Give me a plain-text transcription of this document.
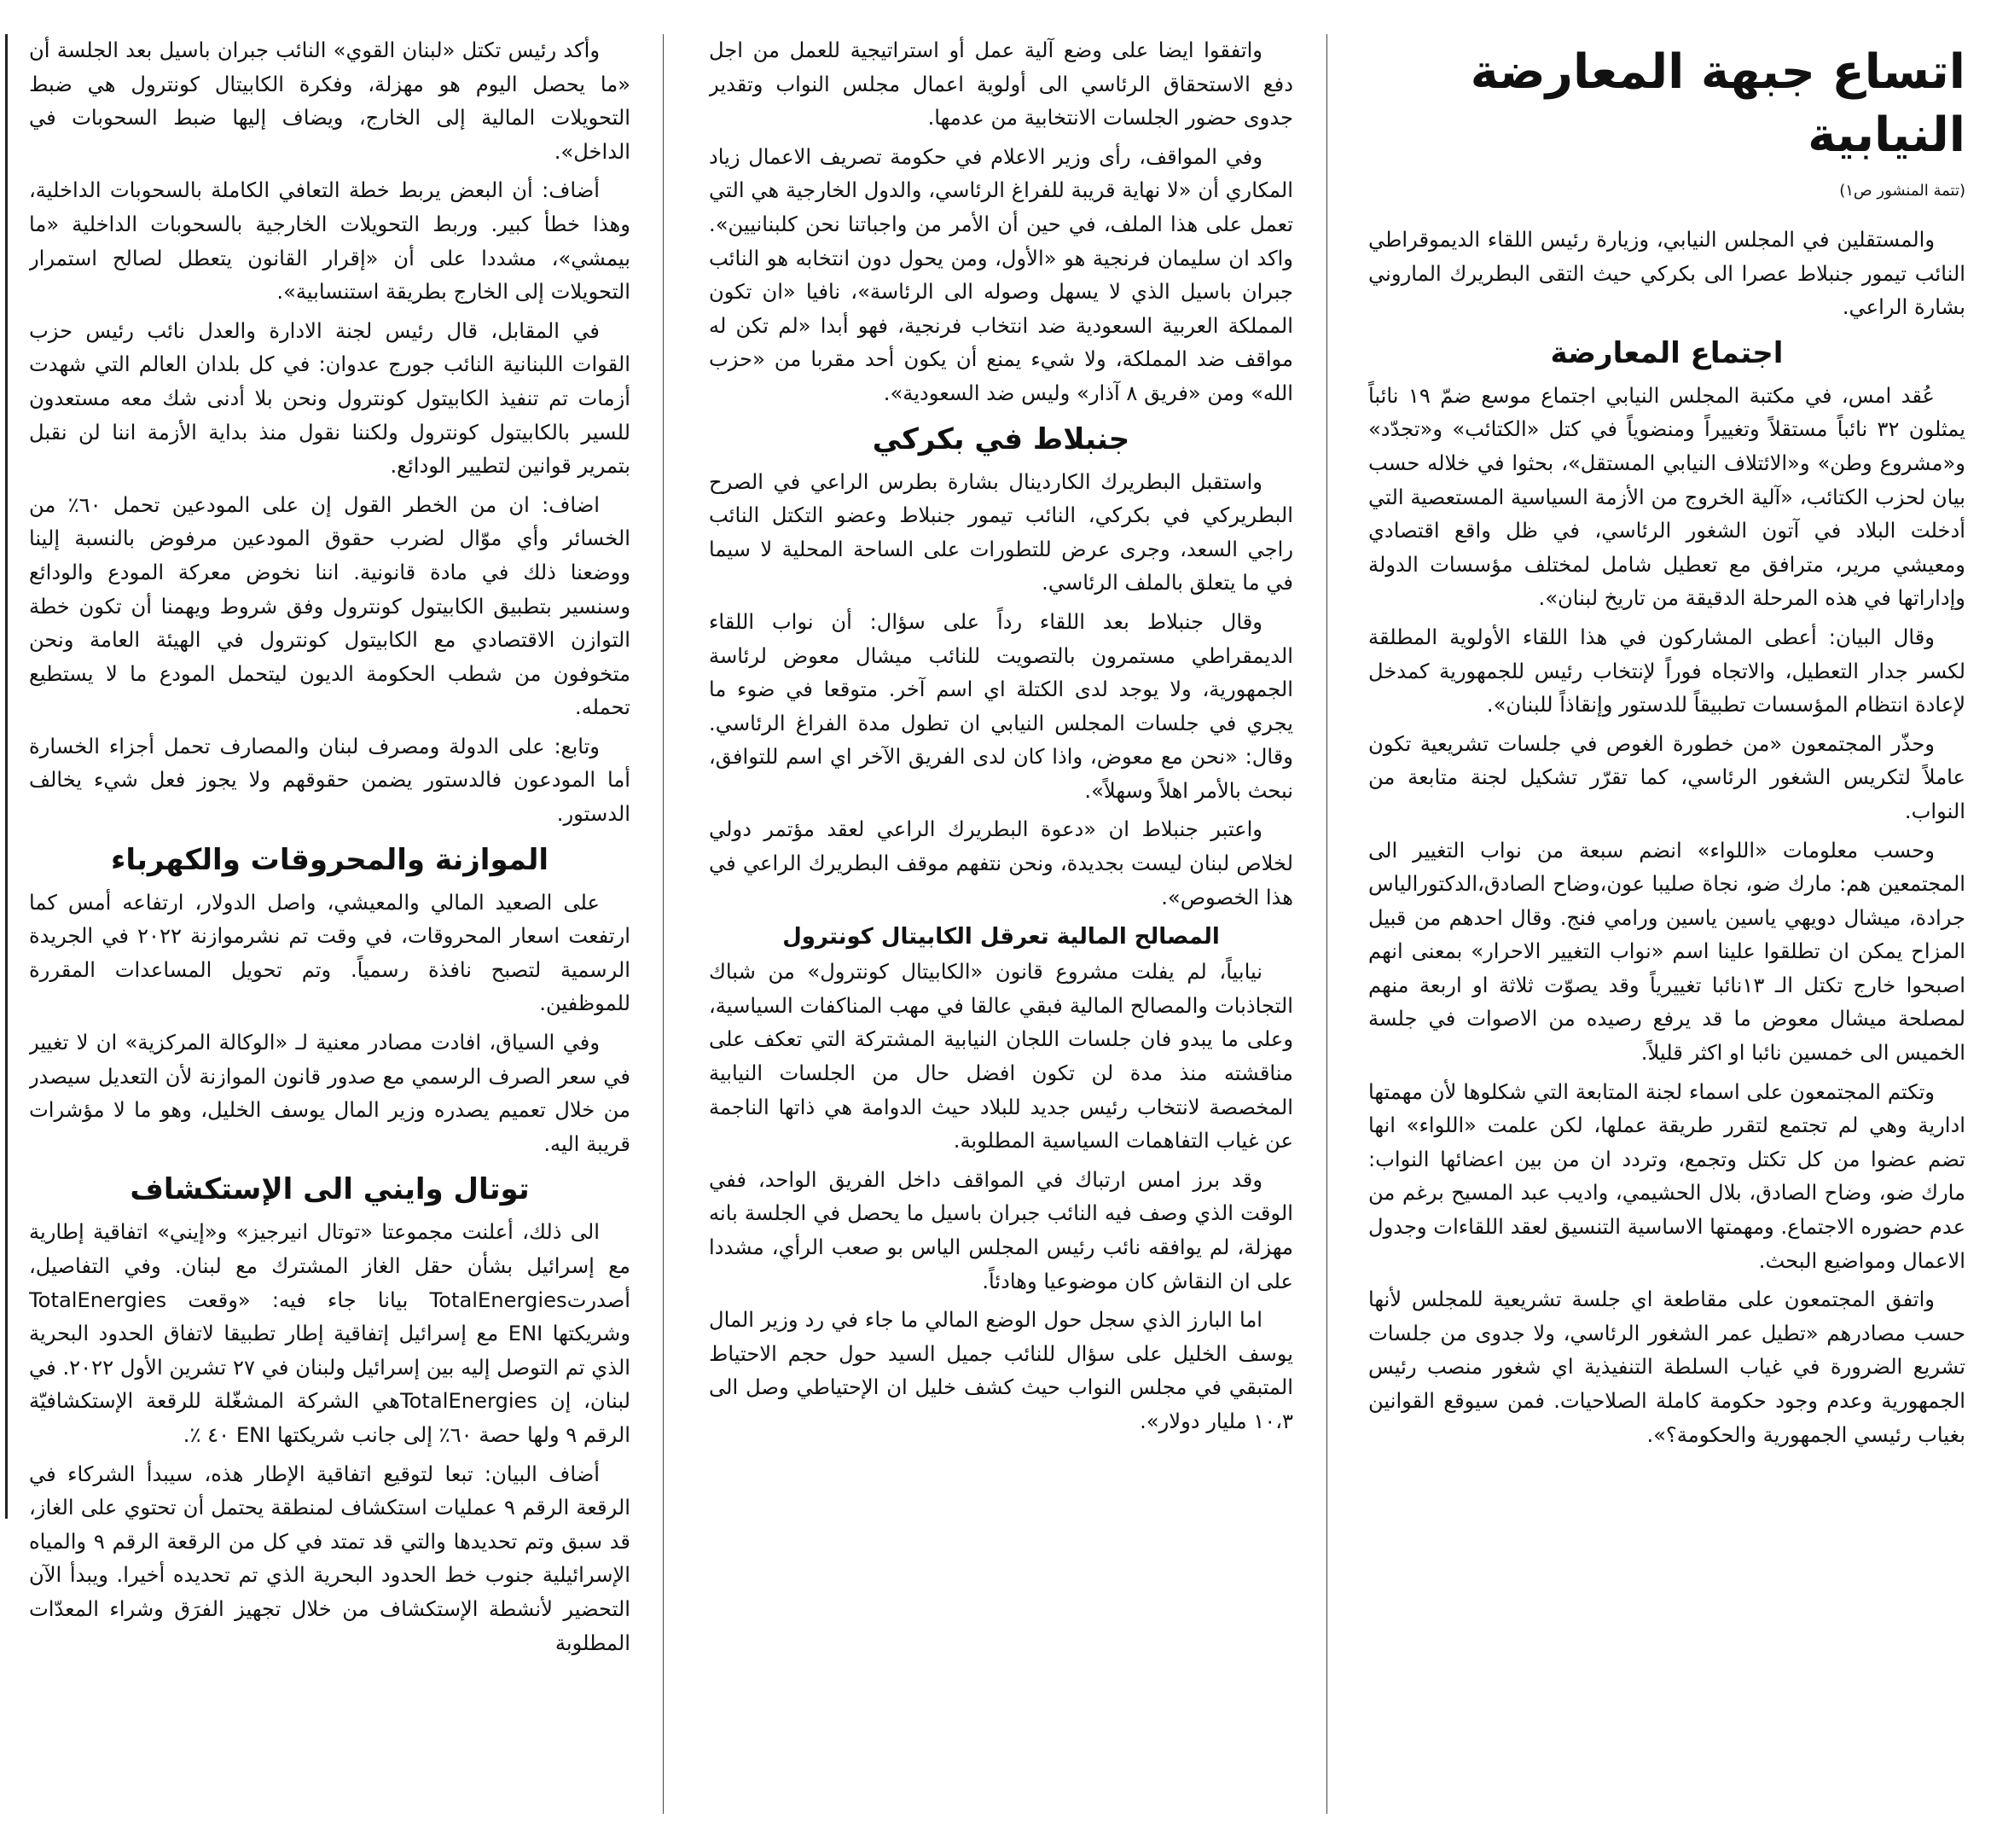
اتساع جبهة المعارضة النيابية
(تتمة المنشور ص١)

والمستقلين في المجلس النيابي، وزيارة رئيس اللقاء الديموقراطي النائب تيمور جنبلاط عصرا الى بكركي حيث التقى البطريرك الماروني بشارة الراعي.

اجتماع المعارضة

عُقد امس، في مكتبة المجلس النيابي اجتماع موسع ضمّ ١٩ نائباً يمثلون ٣٢ نائباً مستقلاً وتغييراً ومنضوياً في كتل «الكتائب» و«تجدّد» و«مشروع وطن» و«الائتلاف النيابي المستقل»، بحثوا في خلاله حسب بيان لحزب الكتائب، «آلية الخروج من الأزمة السياسية المستعصية التي أدخلت البلاد في آتون الشغور الرئاسي، في ظل واقع اقتصادي ومعيشي مرير، مترافق مع تعطيل شامل لمختلف مؤسسات الدولة وإداراتها في هذه المرحلة الدقيقة من تاريخ لبنان».

وقال البيان: أعطى المشاركون في هذا اللقاء الأولوية المطلقة لكسر جدار التعطيل، والاتجاه فوراً لإنتخاب رئيس للجمهورية كمدخل لإعادة انتظام المؤسسات تطبيقاً للدستور وإنقاذاً للبنان».

وحذّر المجتمعون «من خطورة الغوص في جلسات تشريعية تكون عاملاً لتكريس الشغور الرئاسي، كما تقرّر تشكيل لجنة متابعة من النواب.

وحسب معلومات «اللواء» انضم سبعة من نواب التغيير الى المجتمعين هم: مارك ضو، نجاة صليبا عون،وضاح الصادق،الدكتورالياس جرادة، ميشال دويهي ياسين ياسين ورامي فنج. وقال احدهم من قبيل المزاح يمكن ان تطلقوا علينا اسم «نواب التغيير الاحرار» بمعنى انهم اصبحوا خارج تكتل الـ ١٣نائبا تغييرياً وقد يصوّت ثلاثة او اربعة منهم لمصلحة ميشال معوض ما قد يرفع رصيده من الاصوات في جلسة الخميس الى خمسين نائبا او اكثر قليلاً.

وتكتم المجتمعون على اسماء لجنة المتابعة التي شكلوها لأن مهمتها ادارية وهي لم تجتمع لتقرر طريقة عملها، لكن علمت «اللواء» انها تضم عضوا من كل تكتل وتجمع، وتردد ان من بين اعضائها النواب: مارك ضو، وضاح الصادق، بلال الحشيمي، وادیب عبد المسيح برغم من عدم حضوره الاجتماع. ومهمتها الاساسية التنسيق لعقد اللقاءات وجدول الاعمال ومواضيع البحث.

واتفق المجتمعون على مقاطعة اي جلسة تشريعية للمجلس لأنها حسب مصادرهم «تطيل عمر الشغور الرئاسي، ولا جدوى من جلسات تشريع الضرورة في غياب السلطة التنفيذية اي شغور منصب رئيس الجمهورية وعدم وجود حكومة كاملة الصلاحيات. فمن سيوقع القوانين بغياب رئيسي الجمهورية والحكومة؟».

واتفقوا ايضا على وضع آلية عمل أو استراتيجية للعمل من اجل دفع الاستحقاق الرئاسي الى أولوية اعمال مجلس النواب وتقدير جدوى حضور الجلسات الانتخابية من عدمها.

وفي المواقف، رأى وزير الاعلام في حكومة تصريف الاعمال زياد المكاري أن «لا نهاية قريبة للفراغ الرئاسي، والدول الخارجية هي التي تعمل على هذا الملف، في حين أن الأمر من واجباتنا نحن كلبنانيين». واكد ان سليمان فرنجية هو «الأول، ومن يحول دون انتخابه هو النائب جبران باسيل الذي لا يسهل وصوله الى الرئاسة»، نافيا «ان تكون المملكة العربية السعودية ضد انتخاب فرنجية، فهو أبدا «لم تكن له مواقف ضد المملكة، ولا شيء يمنع أن يكون أحد مقربا من «حزب الله» ومن «فريق ٨ آذار» وليس ضد السعودية».

جنبلاط في بكركي

واستقبل البطريرك الكاردينال بشارة بطرس الراعي في الصرح البطريركي في بكركي، النائب تيمور جنبلاط وعضو التكتل النائب راجي السعد، وجرى عرض للتطورات على الساحة المحلية لا سيما في ما يتعلق بالملف الرئاسي.

وقال جنبلاط بعد اللقاء رداً على سؤال: أن نواب اللقاء الديمقراطي مستمرون بالتصويت للنائب ميشال معوض لرئاسة الجمهورية، ولا يوجد لدى الكتلة اي اسم آخر. متوقعا في ضوء ما يجري في جلسات المجلس النيابي ان تطول مدة الفراغ الرئاسي. وقال: «نحن مع معوض، واذا كان لدى الفريق الآخر اي اسم للتوافق، نبحث بالأمر اهلاً وسهلاً».

واعتبر جنبلاط ان «دعوة البطريرك الراعي لعقد مؤتمر دولي لخلاص لبنان ليست بجديدة، ونحن نتفهم موقف البطريرك الراعي في هذا الخصوص».

المصالح المالية تعرقل الكابيتال كونترول

نيابياً، لم يفلت مشروع قانون «الكابيتال كونترول» من شباك التجاذبات والمصالح المالية فبقي عالقا في مهب المناكفات السياسية، وعلى ما يبدو فان جلسات اللجان النيابية المشتركة التي تعكف على مناقشته منذ مدة لن تكون افضل حال من الجلسات النيابية المخصصة لانتخاب رئيس جديد للبلاد حيث الدوامة هي ذاتها الناجمة عن غياب التفاهمات السياسية المطلوبة.

وقد برز امس ارتباك في المواقف داخل الفريق الواحد، ففي الوقت الذي وصف فيه النائب جبران باسيل ما يحصل في الجلسة بانه مهزلة، لم يوافقه نائب رئيس المجلس الياس بو صعب الرأي، مشددا على ان النقاش كان موضوعيا وهادئاً.

اما البارز الذي سجل حول الوضع المالي ما جاء في رد وزير المال يوسف الخليل على سؤال للنائب جميل السيد حول حجم الاحتياط المتبقي في مجلس النواب حيث كشف خليل ان الإحتياطي وصل الى ١٠،٣ مليار دولار».

وأكد رئيس تكتل «لبنان القوي» النائب جبران باسيل بعد الجلسة أن «ما يحصل اليوم هو مهزلة، وفكرة الكابيتال كونترول هي ضبط التحويلات المالية إلى الخارج، ويضاف إليها ضبط السحوبات في الداخل».

أضاف: أن البعض يربط خطة التعافي الكاملة بالسحوبات الداخلية، وهذا خطأ كبير. وربط التحويلات الخارجية بالسحوبات الداخلية «ما بيمشي»، مشددا على أن «إقرار القانون يتعطل لصالح استمرار التحويلات إلى الخارج بطريقة استنسابية».

في المقابل، قال رئيس لجنة الادارة والعدل نائب رئيس حزب القوات اللبنانية النائب جورج عدوان: في كل بلدان العالم التي شهدت أزمات تم تنفيذ الكابيتول كونترول ونحن بلا أدنى شك معه مستعدون للسير بالكابيتول كونترول ولكننا نقول منذ بداية الأزمة اننا لن نقبل بتمرير قوانين لتطيير الودائع.

اضاف: ان من الخطر القول إن على المودعين تحمل ٦٠٪ من الخسائر وأي موّال لضرب حقوق المودعين مرفوض بالنسبة إلينا ووضعنا ذلك في مادة قانونية. اننا نخوض معركة المودع والودائع وسنسير بتطبيق الكابيتول كونترول وفق شروط ويهمنا أن تكون خطة التوازن الاقتصادي مع الكابيتول كونترول في الهيئة العامة ونحن متخوفون من شطب الحكومة الديون ليتحمل المودع ما لا يستطيع تحمله.

وتابع: على الدولة ومصرف لبنان والمصارف تحمل أجزاء الخسارة أما المودعون فالدستور يضمن حقوقهم ولا يجوز فعل شيء يخالف الدستور.

الموازنة والمحروقات والكهرباء

على الصعيد المالي والمعيشي، واصل الدولار، ارتفاعه أمس كما ارتفعت اسعار المحروقات، في وقت تم نشرموازنة ٢٠٢٢ في الجريدة الرسمية لتصبح نافذة رسمياً. وتم تحويل المساعدات المقررة للموظفين.

وفي السياق، افادت مصادر معنية لـ «الوكالة المركزية» ان لا تغيير في سعر الصرف الرسمي مع صدور قانون الموازنة لأن التعديل سيصدر من خلال تعميم يصدره وزير المال يوسف الخليل، وهو ما لا مؤشرات قريبة اليه.

توتال وايني الى الإستكشاف

الى ذلك، أعلنت مجموعتا «توتال انيرجيز» و«إيني» اتفاقية إطارية مع إسرائيل بشأن حقل الغاز المشترك مع لبنان. وفي التفاصيل، أصدرتTotalEnergies بيانا جاء فيه: «وقعت TotalEnergies وشريكتها ENI مع إسرائيل إتفاقية إطار تطبيقا لاتفاق الحدود البحرية الذي تم التوصل إليه بين إسرائيل ولبنان في ٢٧ تشرين الأول ٢٠٢٢. في لبنان، إن TotalEnergiesهي الشركة المشغّلة للرقعة الإستكشافيّة الرقم ٩ ولها حصة ٦٠٪ إلى جانب شريكتها ENI ٤٠ ٪.

أضاف البيان: تبعا لتوقيع اتفاقية الإطار هذه، سيبدأ الشركاء في الرقعة الرقم ٩ عمليات استكشاف لمنطقة يحتمل أن تحتوي على الغاز، قد سبق وتم تحديدها والتي قد تمتد في كل من الرقعة الرقم ٩ والمياه الإسرائيلية جنوب خط الحدود البحرية الذي تم تحديده أخيرا. ويبدأ الآن التحضير لأنشطة الإستكشاف من خلال تجهيز الفرَق وشراء المعدّات المطلوبة
